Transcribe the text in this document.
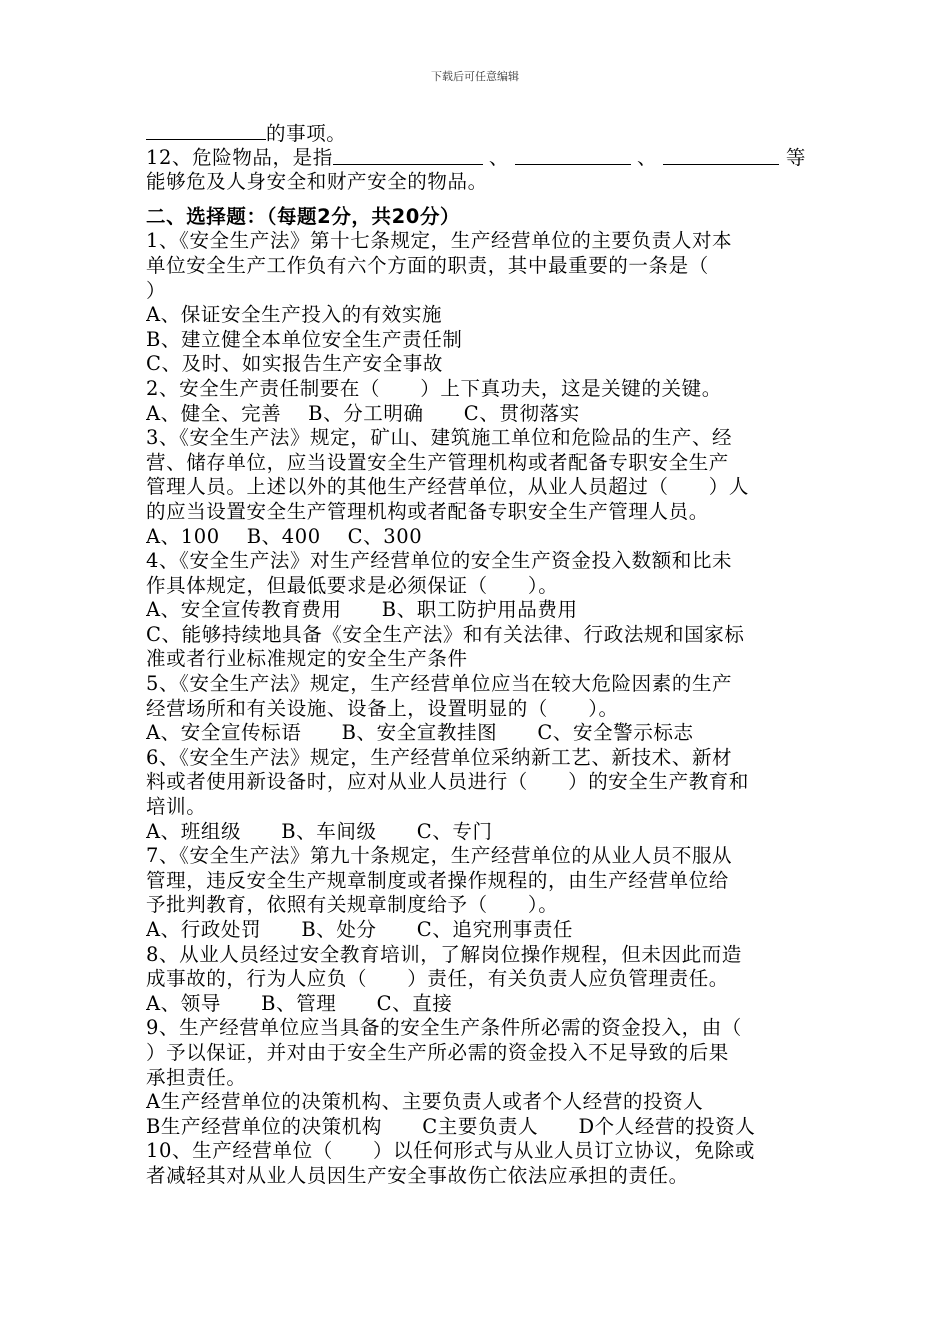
下载后可任意编辑
的事项。
12、危险物品，是指	、	、	等
能够危及人身安全和财产安全的物品。
二、选择题：（每题2分，共20分）
1、《安全生产法》第十七条规定，生产经营单位的主要负责人对本
单位安全生产工作负有六个方面的职责，其中最重要的一条是（
）
A、保证安全生产投入的有效实施
B、建立健全本单位安全生产责任制
C、及时、如实报告生产安全事故
2、安全生产责任制要在（　　）上下真功夫，这是关键的关键。
A、健全、完善　 B、分工明确　　C、贯彻落实
3、《安全生产法》规定，矿山、建筑施工单位和危险品的生产、经
营、储存单位，应当设置安全生产管理机构或者配备专职安全生产
管理人员。上述以外的其他生产经营单位，从业人员超过（　　）人
的应当设置安全生产管理机构或者配备专职安全生产管理人员。
A、100　 B、400　 C、300
4、《安全生产法》对生产经营单位的安全生产资金投入数额和比未
作具体规定，但最低要求是必须保证（　　）。
A、安全宣传教育费用　　B、职工防护用品费用
C、能够持续地具备《安全生产法》和有关法律、行政法规和国家标
准或者行业标准规定的安全生产条件
5、《安全生产法》规定，生产经营单位应当在较大危险因素的生产
经营场所和有关设施、设备上，设置明显的（　　）。
A、安全宣传标语　　B、安全宣教挂图　　C、安全警示标志
6、《安全生产法》规定，生产经营单位采纳新工艺、新技术、新材
料或者使用新设备时，应对从业人员进行（　　）的安全生产教育和
培训。
A、班组级　　B、车间级　　C、专门
7、《安全生产法》第九十条规定，生产经营单位的从业人员不服从
管理，违反安全生产规章制度或者操作规程的，由生产经营单位给
予批判教育，依照有关规章制度给予（　　）。
A、行政处罚　　B、处分　　C、追究刑事责任
8、从业人员经过安全教育培训，了解岗位操作规程，但未因此而造
成事故的，行为人应负（　　）责任，有关负责人应负管理责任。
A、领导　　B、管理　　C、直接
9、生产经营单位应当具备的安全生产条件所必需的资金投入，由（
）予以保证，并对由于安全生产所必需的资金投入不足导致的后果
承担责任。
A生产经营单位的决策机构、主要负责人或者个人经营的投资人
B生产经营单位的决策机构　　C主要负责人　　D个人经营的投资人
10、生产经营单位（　　）以任何形式与从业人员订立协议，免除或
者减轻其对从业人员因生产安全事故伤亡依法应承担的责任。
